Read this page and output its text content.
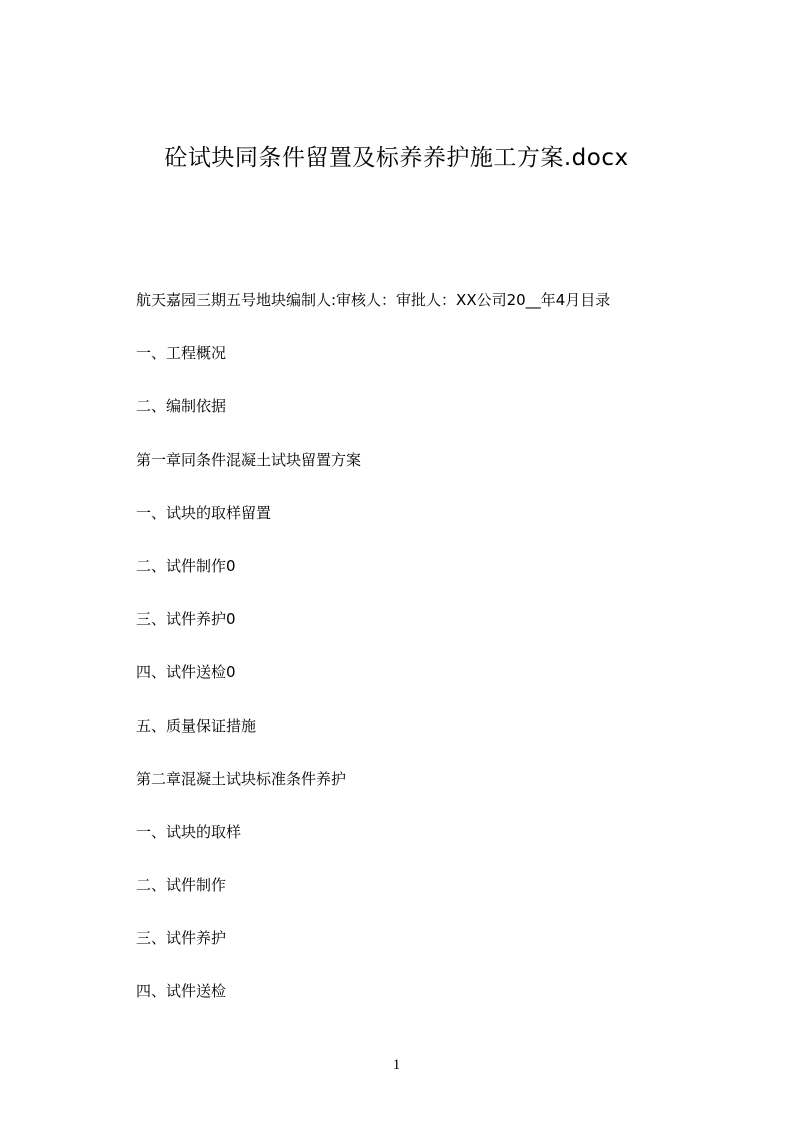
砼试块同条件留置及标养养护施工方案.docx
航天嘉园三期五号地块编制人:审核人：审批人：XX公司20__年4月目录
一、工程概况
二、编制依据
第一章同条件混凝土试块留置方案
一、试块的取样留置
二、试件制作0
三、试件养护0
四、试件送检0
五、质量保证措施
第二章混凝土试块标准条件养护
一、试块的取样
二、试件制作
三、试件养护
四、试件送检
1
